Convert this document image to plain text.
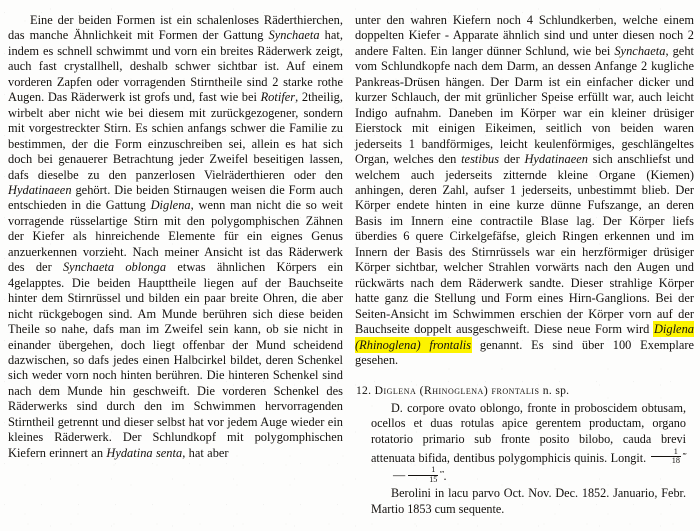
Eine der beiden Formen ist ein schalenloses Räderthierchen, das manche Ähnlichkeit mit Formen der Gattung Synchaeta hat, indem es schnell schwimmt und vorn ein breites Räderwerk zeigt, auch fast crystallhell, deshalb schwer sichtbar ist. Auf einem vorderen Zapfen oder vorragenden Stirntheile sind 2 starke rothe Augen. Das Räderwerk ist grofs und, fast wie bei Rotifer, 2theilig, wirbelt aber nicht wie bei diesem mit zurückgezogener, sondern mit vorgestreckter Stirn. Es schien anfangs schwer die Familie zu bestimmen, der die Form einzuschreiben sei, allein es hat sich doch bei genauerer Betrachtung jeder Zweifel beseitigen lassen, dafs dieselbe zu den panzerlosen Vielräderthieren oder den Hydatinaeen gehört. Die beiden Stirnaugen weisen die Form auch entschieden in die Gattung Diglena, wenn man nicht die so weit vorragende rüsselartige Stirn mit den polygomphischen Zähnen der Kiefer als hinreichende Elemente für ein eignes Genus anzuerkennen vorzieht. Nach meiner Ansicht ist das Räderwerk des der Synchaeta oblonga etwas ähnlichen Körpers ein 4gelapptes. Die beiden Haupttheile liegen auf der Bauchseite hinter dem Stirnrüssel und bilden ein paar breite Ohren, die aber nicht rückgebogen sind. Am Munde berühren sich diese beiden Theile so nahe, dafs man im Zweifel sein kann, ob sie nicht in einander übergehen, doch liegt offenbar der Mund scheidend dazwischen, so dafs jedes einen Halbcirkel bildet, deren Schenkel sich weder vorn noch hinten berühren. Die hinteren Schenkel sind nach dem Munde hin geschweift. Die vorderen Schenkel des Räderwerks sind durch den im Schwimmen hervorragenden Stirntheil getrennt und dieser selbst hat vor jedem Auge wieder ein kleines Räderwerk. Der Schlundkopf mit polygomphischen Kiefern erinnert an Hydatina senta, hat aber

unter den wahren Kiefern noch 4 Schlundkerben, welche einem doppelten Kiefer - Apparate ähnlich sind und unter diesen noch 2 andere Falten. Ein langer dünner Schlund, wie bei Synchaeta, geht vom Schlundkopfe nach dem Darm, an dessen Anfange 2 kugliche Pankreas-Drüsen hängen. Der Darm ist ein einfacher dicker und kurzer Schlauch, der mit grünlicher Speise erfüllt war, auch leicht Indigo aufnahm. Daneben im Körper war ein kleiner drüsiger Eierstock mit einigen Eikeimen, seitlich von beiden waren jederseits 1 bandförmiges, leicht keulenförmiges, geschlängeltes Organ, welches den testibus der Hydatinaeen sich anschliefst und welchem auch jederseits zitternde kleine Organe (Kiemen) anhingen, deren Zahl, aufser 1 jederseits, unbestimmt blieb. Der Körper endete hinten in eine kurze dünne Fufszange, an deren Basis im Innern eine contractile Blase lag. Der Körper liefs überdies 6 quere Cirkelgefäfse, gleich Ringen erkennen und im Innern der Basis des Stirnrüssels war ein herzförmiger drüsiger Körper sichtbar, welcher Strahlen vorwärts nach den Augen und rückwärts nach dem Räderwerk sandte. Dieser strahlige Körper hatte ganz die Stellung und Form eines Hirn-Ganglions. Bei der Seiten-Ansicht im Schwimmen erschien der Körper vorn auf der Bauchseite doppelt ausgeschweift. Diese neue Form wird Diglena (Rhinoglena) frontalis genannt. Es sind über 100 Exemplare gesehen.

12. Diglena (Rhinoglena) frontalis n. sp.

D. corpore ovato oblongo, fronte in proboscidem obtusam, ocellos et duas rotulas apice gerentem productam, organo rotatorio primario sub fronte posito bilobo, cauda brevi attenuata bifida, dentibus polygomphicis quinis. Longit. $\frac{1}{18}$ ′′′— $\frac{1}{15} '''$.

Berolini in lacu parvo Oct. Nov. Dec. 1852. Januario, Febr. Martio 1853 cum sequente.
